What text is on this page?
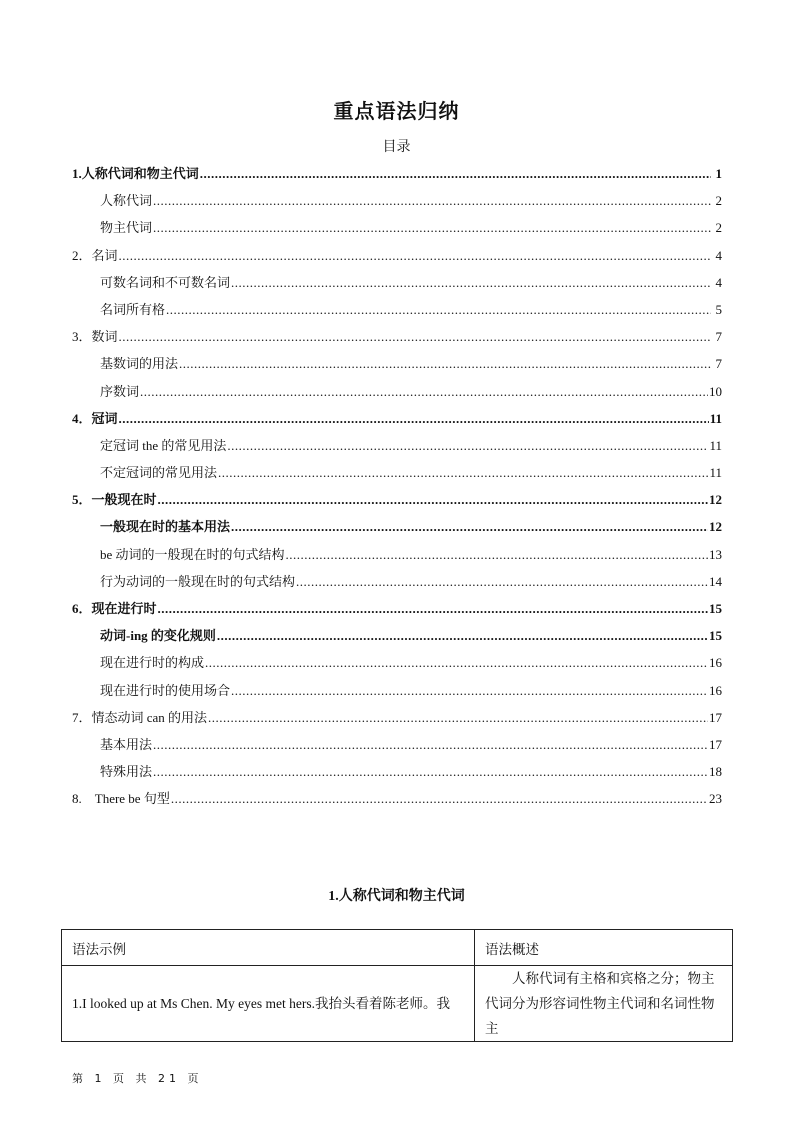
重点语法归纳
目录
1.人称代词和物主代词 .....	1
人称代词 .....	2
物主代词 .....	2
2．名词 .....	4
可数名词和不可数名词 .....	4
名词所有格 .....	5
3．数词 .....	7
基数词的用法 .....	7
序数词 .....	10
4．冠词 .....	11
定冠词 the 的常见用法 .....	11
不定冠词的常见用法 .....	11
5．一般现在时 .....	12
一般现在时的基本用法 .....	12
be 动词的一般现在时的句式结构 .....	13
行为动词的一般现在时的句式结构 .....	14
6．现在进行时 .....	15
动词-ing 的变化规则 .....	15
现在进行时的构成 .....	16
现在进行时的使用场合 .....	16
7．情态动词 can 的用法 .....	17
基本用法 .....	17
特殊用法 .....	18
8.　There be 句型 .....	23
1.人称代词和物主代词
语法示例	语法概述
1.I looked up at Ms Chen. My eyes met hers.我抬头看着陈老师。我	人称代词有主格和宾格之分；物主代词分为形容词性物主代词和名词性物主
第 1 页 共 21 页
